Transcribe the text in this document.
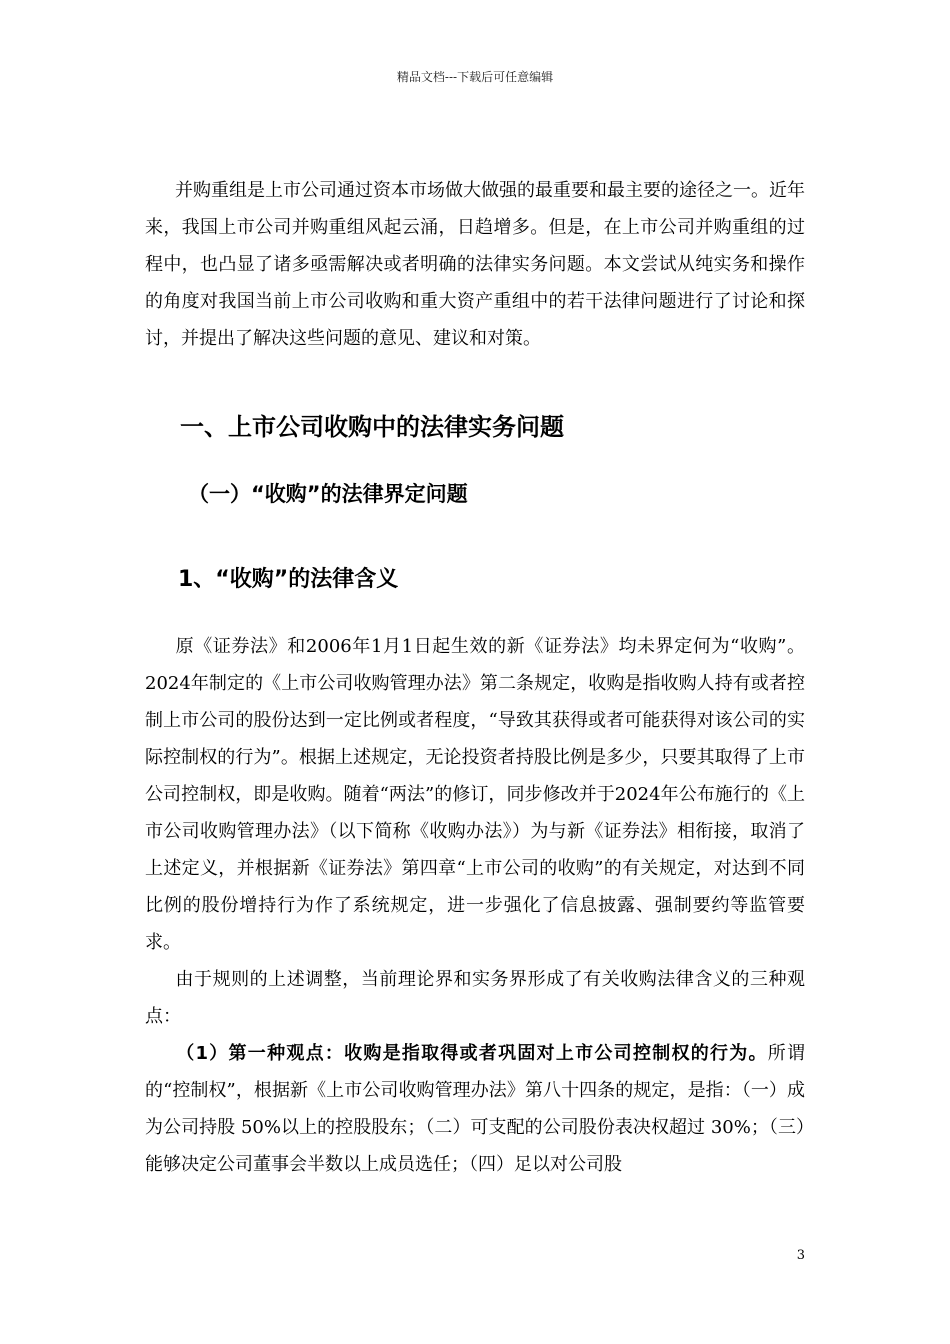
精品文档---下载后可任意编辑
并购重组是上市公司通过资本市场做大做强的最重要和最主要的途径之一。近年来，我国上市公司并购重组风起云涌，日趋增多。但是，在上市公司并购重组的过程中，也凸显了诸多亟需解决或者明确的法律实务问题。本文尝试从纯实务和操作的角度对我国当前上市公司收购和重大资产重组中的若干法律问题进行了讨论和探讨，并提出了解决这些问题的意见、建议和对策。
一、上市公司收购中的法律实务问题
（一）“收购”的法律界定问题
1、“收购”的法律含义
原《证券法》和2006年1月1日起生效的新《证券法》均未界定何为“收购”。2024年制定的《上市公司收购管理办法》第二条规定，收购是指收购人持有或者控制上市公司的股份达到一定比例或者程度，“导致其获得或者可能获得对该公司的实际控制权的行为”。根据上述规定，无论投资者持股比例是多少，只要其取得了上市公司控制权，即是收购。随着“两法”的修订，同步修改并于2024年公布施行的《上市公司收购管理办法》（以下简称《收购办法》）为与新《证券法》相衔接，取消了上述定义，并根据新《证券法》第四章“上市公司的收购”的有关规定，对达到不同比例的股份增持行为作了系统规定，进一步强化了信息披露、强制要约等监管要求。
由于规则的上述调整，当前理论界和实务界形成了有关收购法律含义的三种观点：
（1）第一种观点：收购是指取得或者巩固对上市公司控制权的行为。所谓的“控制权”，根据新《上市公司收购管理办法》第八十四条的规定，是指：（一）成为公司持股 50%以上的控股股东；（二）可支配的公司股份表决权超过 30%；（三）能够决定公司董事会半数以上成员选任；（四）足以对公司股
3
